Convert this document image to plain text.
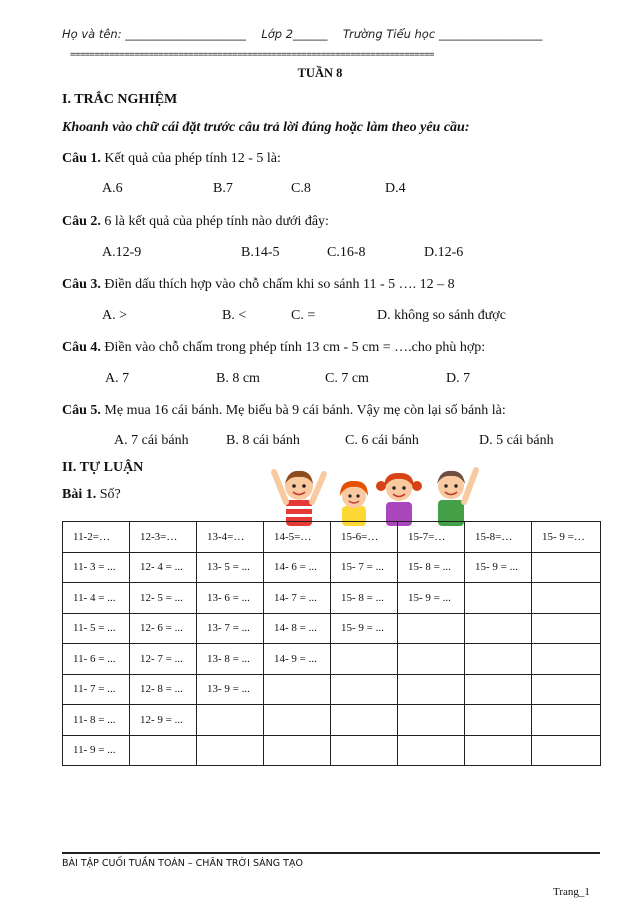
Họ và tên: _____________________ Lớp 2______ Trường Tiểu học __________________
==========================================================================
TUẦN 8
I. TRẮC NGHIỆM
Khoanh vào chữ cái đặt trước câu trả lời đúng hoặc làm theo yêu cầu:
Câu 1. Kết quả của phép tính 12 - 5 là:
A.6	B.7	C.8	D.4
Câu 2. 6 là kết quả của phép tính nào dưới đây:
A.12-9	B.14-5	C.16-8	D.12-6
Câu 3. Điền dấu thích hợp vào chỗ chấm khi so sánh 11 - 5 …. 12 – 8
A. >	B. <	C. =	D. không so sánh được
Câu 4. Điền vào chỗ chấm trong phép tính 13 cm - 5 cm = ….cho phù hợp:
A. 7	B. 8 cm	C. 7 cm	D. 7
Câu 5. Mẹ mua 16 cái bánh. Mẹ biếu bà 9 cái bánh. Vậy mẹ còn lại số bánh là:
A. 7 cái bánh	B. 8 cái bánh	C. 6 cái bánh	D. 5 cái bánh
II. TỰ LUẬN
Bài 1. Số?
11-2=…	12-3=…	13-4=…	14-5=…	15-6=…	15-7=…	15-8=…	15- 9 =…
11- 3 = ...	12- 4 = ...	13- 5 = ...	14- 6 = ...	15- 7 = ...	15- 8 = ...	15- 9 = ...	
11- 4 = ...	12- 5 = ...	13- 6 = ...	14- 7 = ...	15- 8 = ...	15- 9 = ...		
11- 5 = ...	12- 6 = ...	13- 7 = ...	14- 8 = ...	15- 9 = ...			
11- 6 = ...	12- 7 = ...	13- 8 = ...	14- 9 = ...				
11- 7 = ...	12- 8 = ...	13- 9 = ...					
11- 8 = ...	12- 9 = ...						
11- 9 = ...							
BÀI TẬP CUỐI TUẦN TOÁN – CHÂN TRỜI SÁNG TẠO
Trang_1
